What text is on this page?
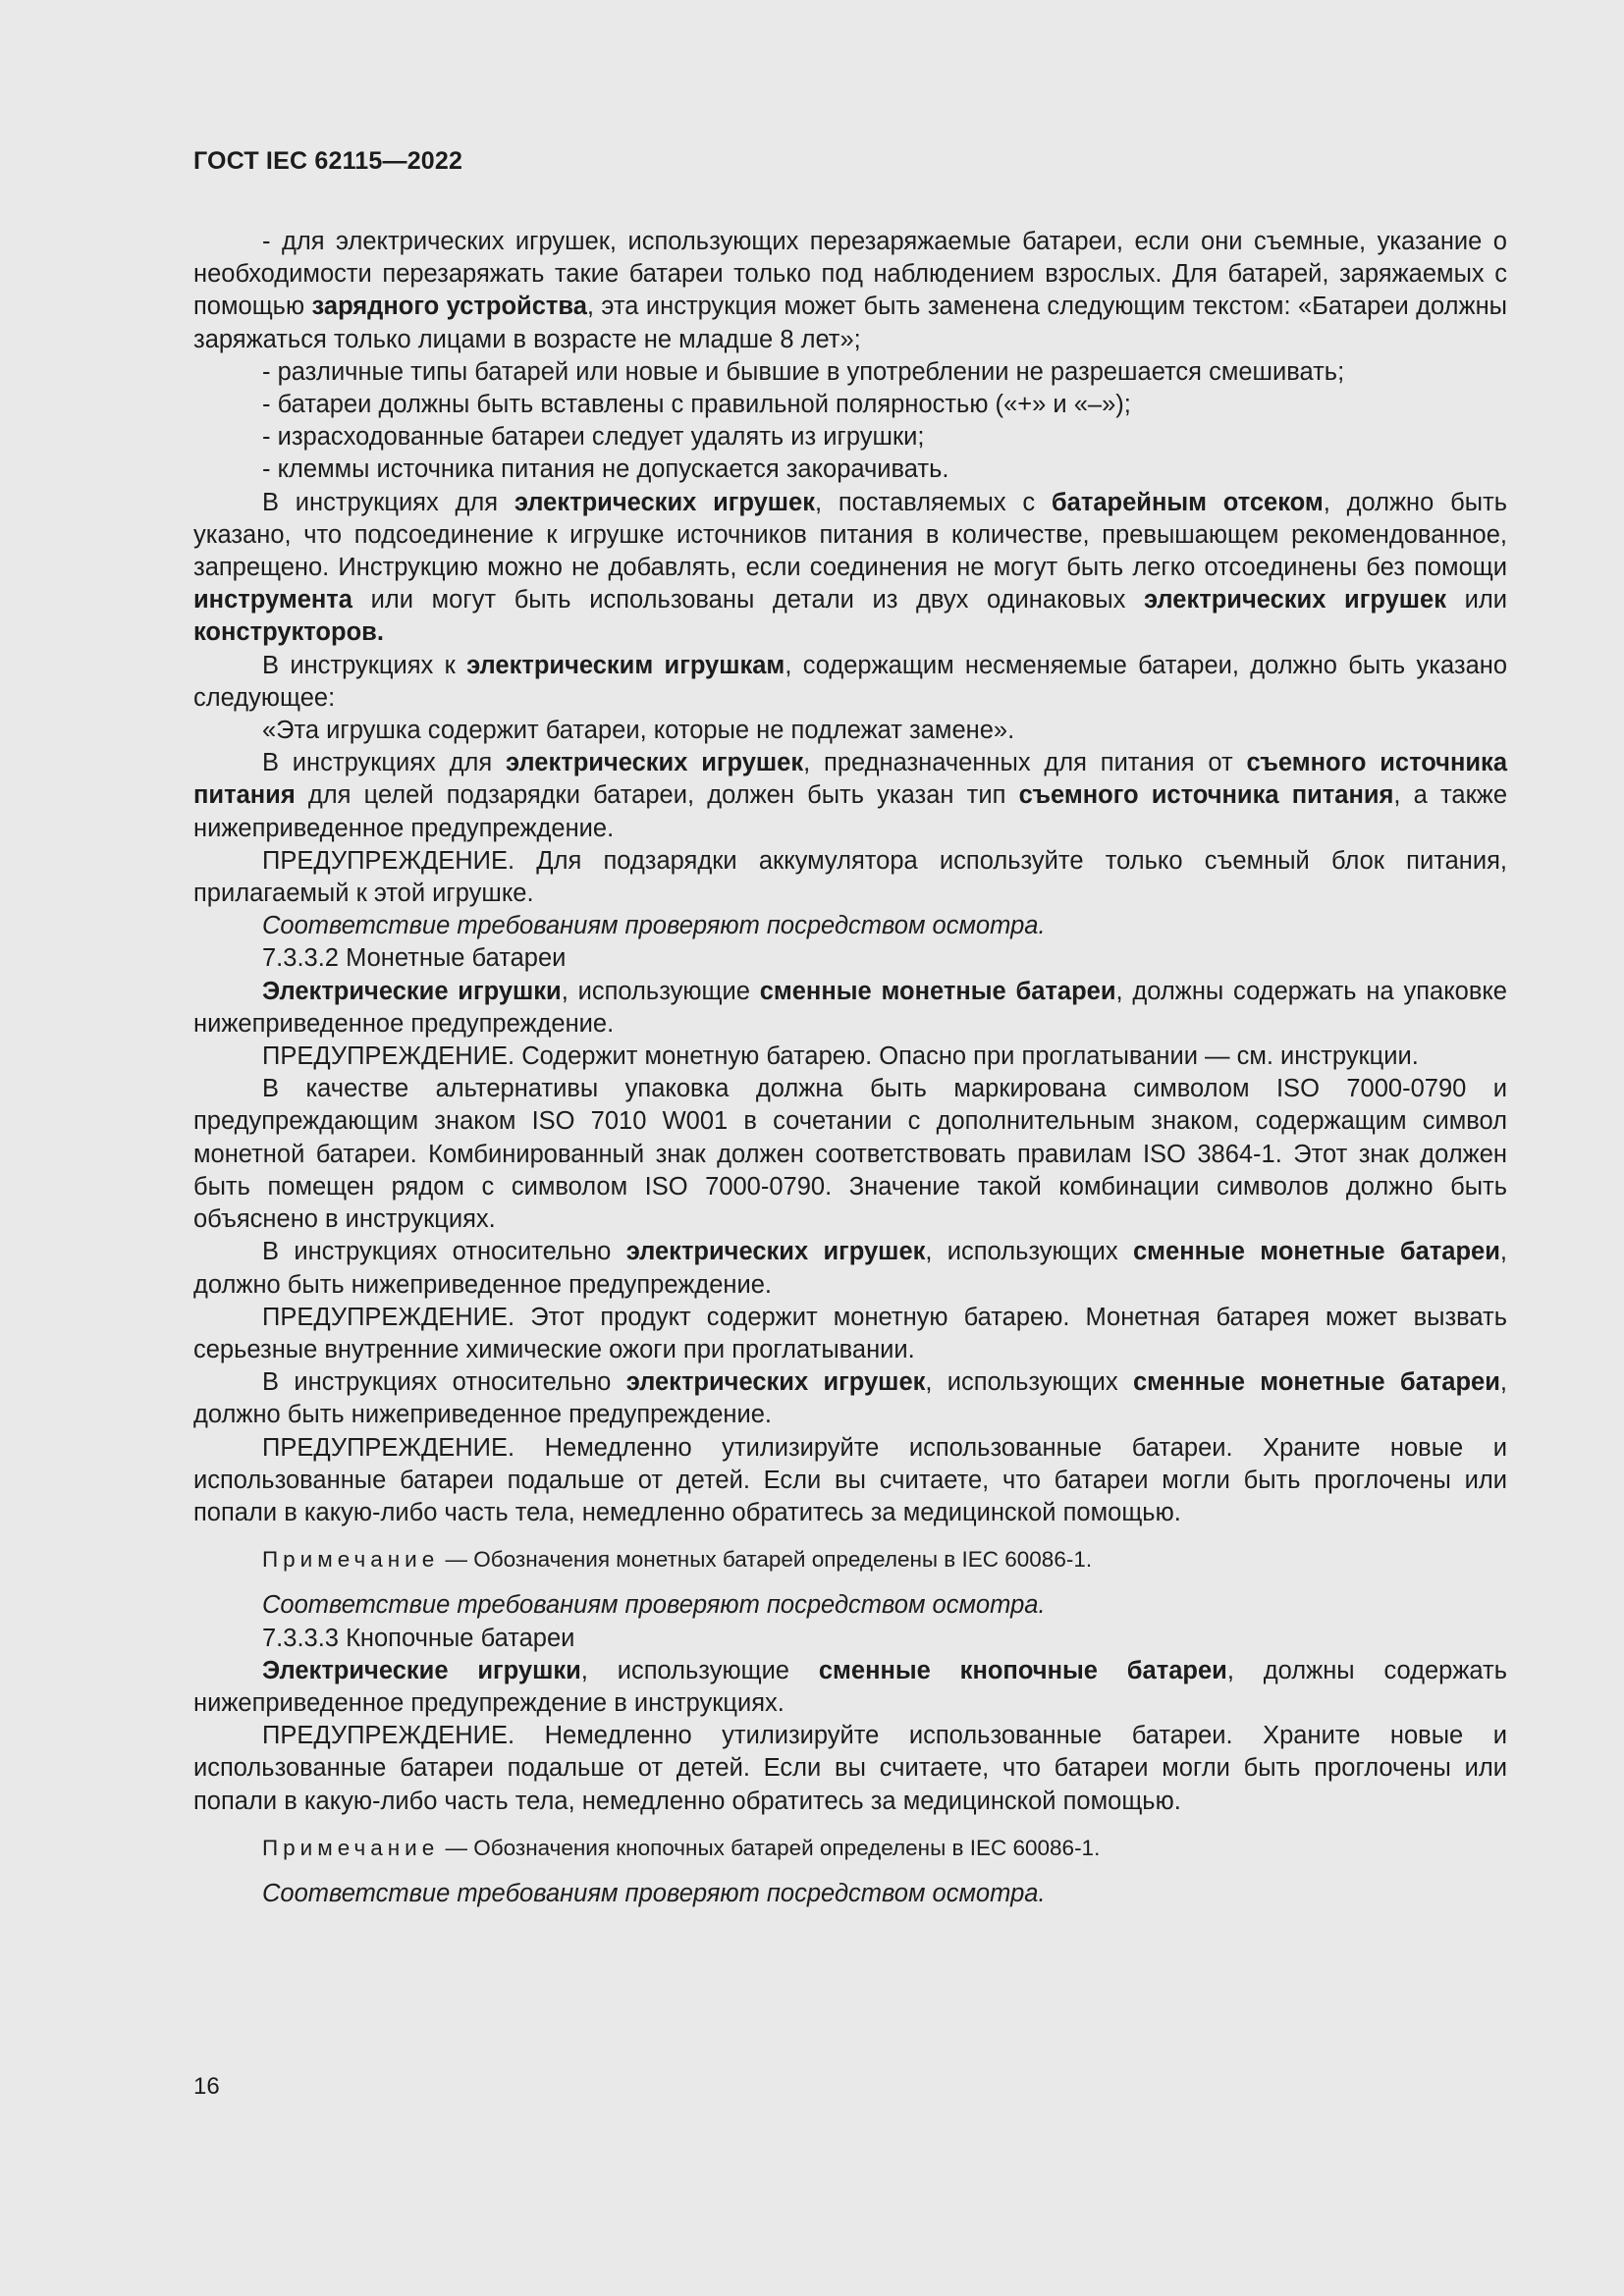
ГОСТ IEC 62115—2022

- для электрических игрушек, использующих перезаряжаемые батареи, если они съемные, указание о необходимости перезаряжать такие батареи только под наблюдением взрослых. Для батарей, заряжаемых с помощью зарядного устройства, эта инструкция может быть заменена следующим текстом: «Батареи должны заряжаться только лицами в возрасте не младше 8 лет»;

- различные типы батарей или новые и бывшие в употреблении не разрешается смешивать;

- батареи должны быть вставлены с правильной полярностью («+» и «–»);

- израсходованные батареи следует удалять из игрушки;

- клеммы источника питания не допускается закорачивать.

В инструкциях для электрических игрушек, поставляемых с батарейным отсеком, должно быть указано, что подсоединение к игрушке источников питания в количестве, превышающем рекомендованное, запрещено. Инструкцию можно не добавлять, если соединения не могут быть легко отсоединены без помощи инструмента или могут быть использованы детали из двух одинаковых электрических игрушек или конструкторов.

В инструкциях к электрическим игрушкам, содержащим несменяемые батареи, должно быть указано следующее:

«Эта игрушка содержит батареи, которые не подлежат замене».

В инструкциях для электрических игрушек, предназначенных для питания от съемного источника питания для целей подзарядки батареи, должен быть указан тип съемного источника питания, а также нижеприведенное предупреждение.

ПРЕДУПРЕЖДЕНИЕ. Для подзарядки аккумулятора используйте только съемный блок питания, прилагаемый к этой игрушке.

Соответствие требованиям проверяют посредством осмотра.

7.3.3.2 Монетные батареи

Электрические игрушки, использующие сменные монетные батареи, должны содержать на упаковке нижеприведенное предупреждение.

ПРЕДУПРЕЖДЕНИЕ. Содержит монетную батарею. Опасно при проглатывании — см. инструкции.

В качестве альтернативы упаковка должна быть маркирована символом ISO 7000-0790 и предупреждающим знаком ISO 7010 W001 в сочетании с дополнительным знаком, содержащим символ монетной батареи. Комбинированный знак должен соответствовать правилам ISO 3864-1. Этот знак должен быть помещен рядом с символом ISO 7000-0790. Значение такой комбинации символов должно быть объяснено в инструкциях.

В инструкциях относительно электрических игрушек, использующих сменные монетные батареи, должно быть нижеприведенное предупреждение.

ПРЕДУПРЕЖДЕНИЕ. Этот продукт содержит монетную батарею. Монетная батарея может вызвать серьезные внутренние химические ожоги при проглатывании.

В инструкциях относительно электрических игрушек, использующих сменные монетные батареи, должно быть нижеприведенное предупреждение.

ПРЕДУПРЕЖДЕНИЕ. Немедленно утилизируйте использованные батареи. Храните новые и использованные батареи подальше от детей. Если вы считаете, что батареи могли быть проглочены или попали в какую-либо часть тела, немедленно обратитесь за медицинской помощью.

Примечание — Обозначения монетных батарей определены в IEC 60086-1.

Соответствие требованиям проверяют посредством осмотра.

7.3.3.3 Кнопочные батареи

Электрические игрушки, использующие сменные кнопочные батареи, должны содержать нижеприведенное предупреждение в инструкциях.

ПРЕДУПРЕЖДЕНИЕ. Немедленно утилизируйте использованные батареи. Храните новые и использованные батареи подальше от детей. Если вы считаете, что батареи могли быть проглочены или попали в какую-либо часть тела, немедленно обратитесь за медицинской помощью.

Примечание — Обозначения кнопочных батарей определены в IEC 60086-1.

Соответствие требованиям проверяют посредством осмотра.

16
